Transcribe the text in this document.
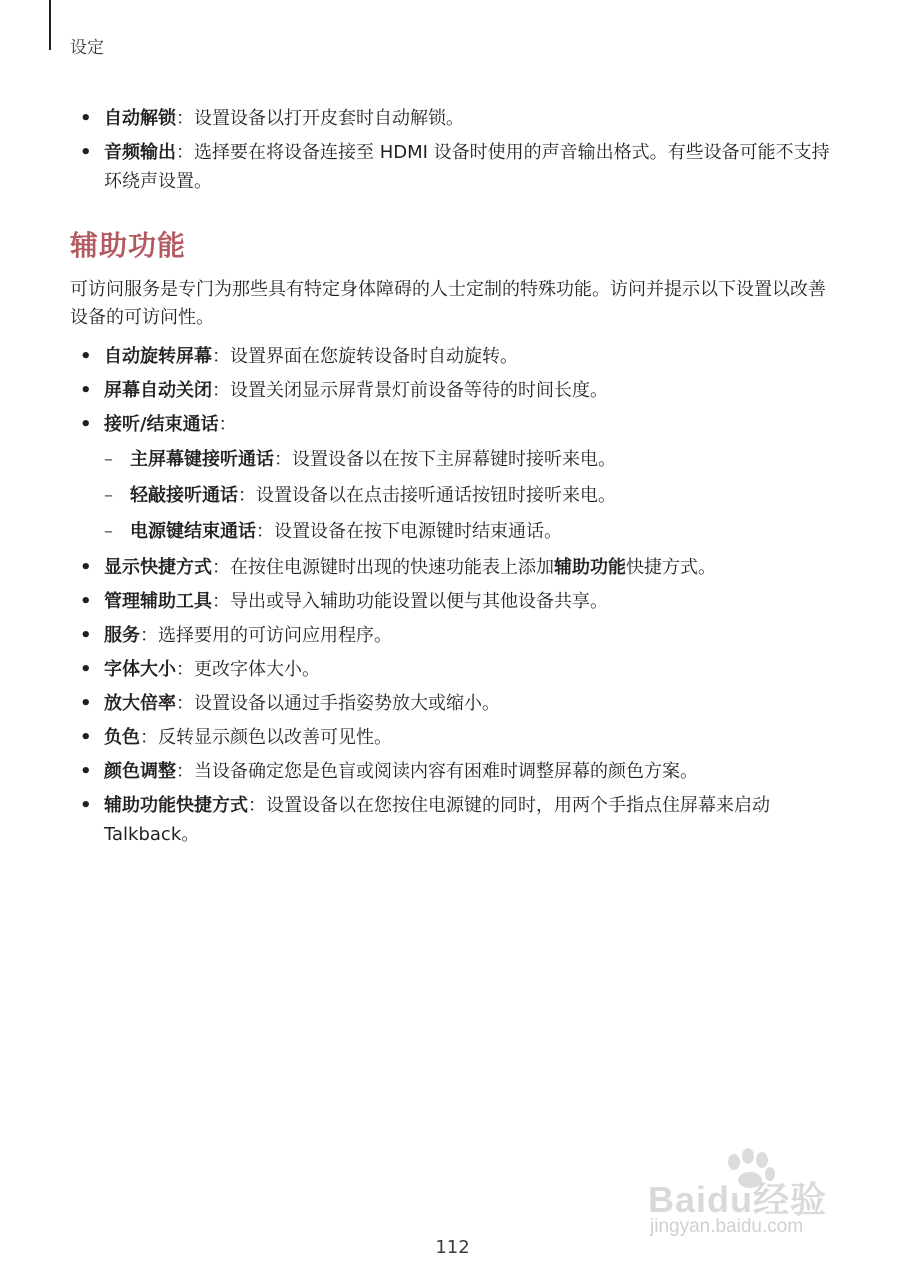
设定
• 自动解锁：设置设备以打开皮套时自动解锁。
• 音频输出：选择要在将设备连接至 HDMI 设备时使用的声音输出格式。有些设备可能不支持环绕声设置。
辅助功能

可访问服务是专门为那些具有特定身体障碍的人士定制的特殊功能。访问并提示以下设置以改善设备的可访问性。

• 自动旋转屏幕：设置界面在您旋转设备时自动旋转。
• 屏幕自动关闭：设置关闭显示屏背景灯前设备等待的时间长度。
• 接听/结束通话：
– 主屏幕键接听通话：设置设备以在按下主屏幕键时接听来电。
– 轻敲接听通话：设置设备以在点击接听通话按钮时接听来电。
– 电源键结束通话：设置设备在按下电源键时结束通话。
• 显示快捷方式：在按住电源键时出现的快速功能表上添加辅助功能快捷方式。
• 管理辅助工具：导出或导入辅助功能设置以便与其他设备共享。
• 服务：选择要用的可访问应用程序。
• 字体大小：更改字体大小。
• 放大倍率：设置设备以通过手指姿势放大或缩小。
• 负色：反转显示颜色以改善可见性。
• 颜色调整：当设备确定您是色盲或阅读内容有困难时调整屏幕的颜色方案。
• 辅助功能快捷方式：设置设备以在您按住电源键的同时，用两个手指点住屏幕来启动 Talkback。
Baidu经验
jingyan.baidu.com
112
